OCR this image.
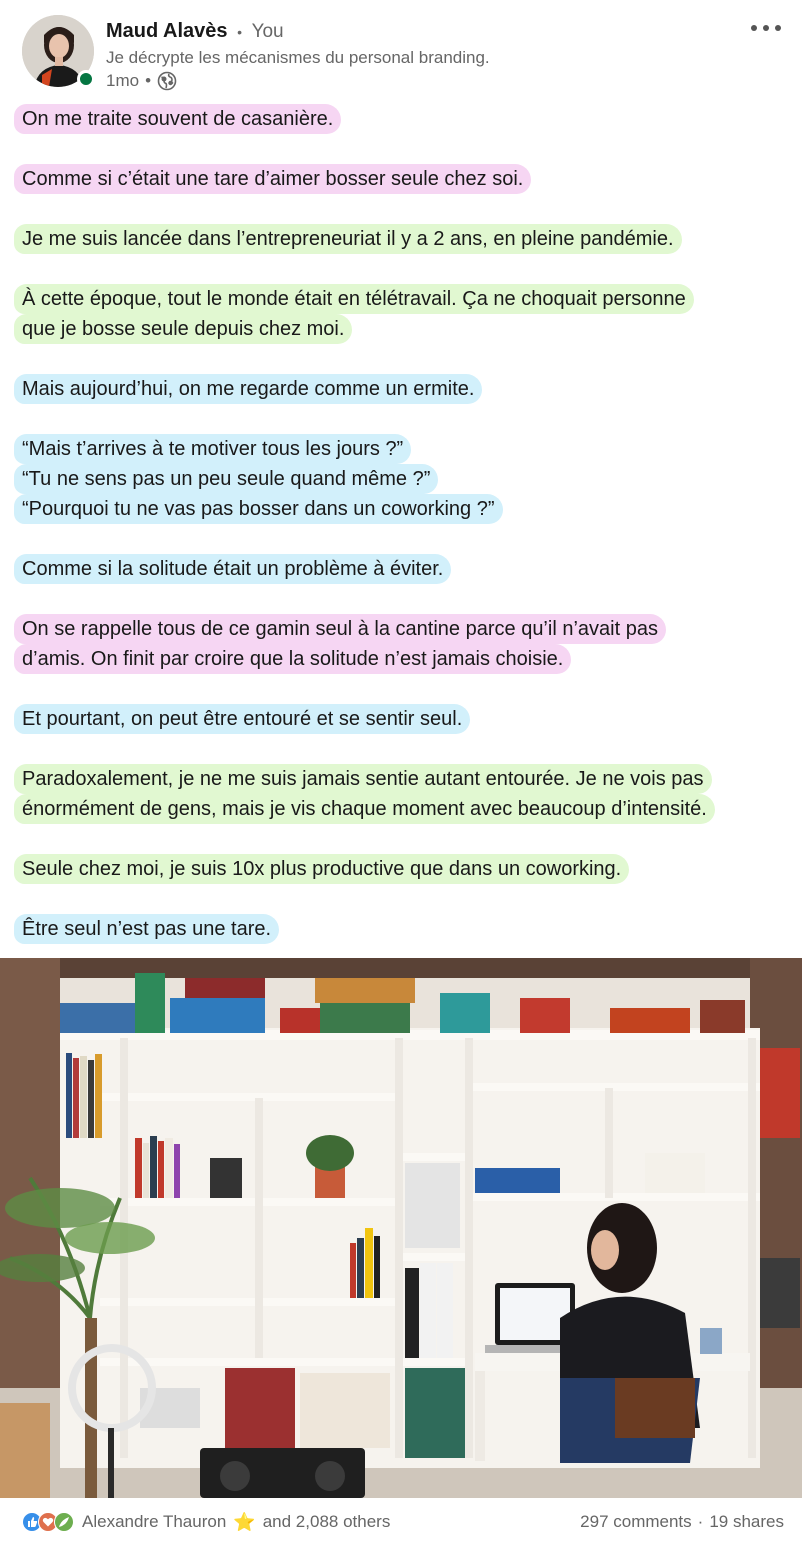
Maud Alavès • You
Je décrypte les mécanismes du personal branding.
1mo •

On me traite souvent de casanière.

Comme si c’était une tare d’aimer bosser seule chez soi.

Je me suis lancée dans l’entrepreneuriat il y a 2 ans, en pleine pandémie.

À cette époque, tout le monde était en télétravail. Ça ne choquait personne
que je bosse seule depuis chez moi.

Mais aujourd’hui, on me regarde comme un ermite.

“Mais t’arrives à te motiver tous les jours ?”
“Tu ne sens pas un peu seule quand même ?”
“Pourquoi tu ne vas pas bosser dans un coworking ?”

Comme si la solitude était un problème à éviter.

On se rappelle tous de ce gamin seul à la cantine parce qu’il n’avait pas
d’amis. On finit par croire que la solitude n’est jamais choisie.

Et pourtant, on peut être entouré et se sentir seul.

Paradoxalement, je ne me suis jamais sentie autant entourée. Je ne vois pas
énormément de gens, mais je vis chaque moment avec beaucoup d’intensité.

Seule chez moi, je suis 10x plus productive que dans un coworking.

Être seul n’est pas une tare.

Alexandre Thauron ⭐ and 2,088 others	297 comments · 19 shares
